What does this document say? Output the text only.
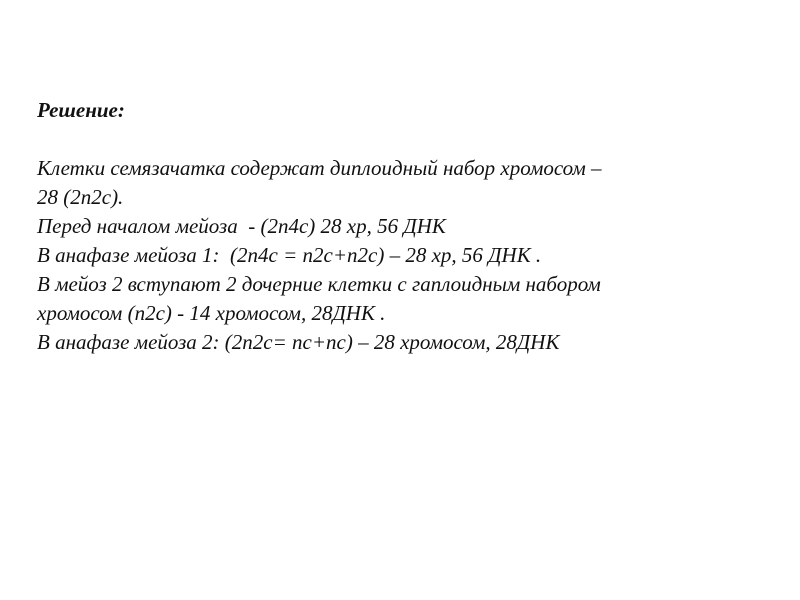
Решение:

Клетки семязачатка содержат диплоидный набор хромосом –

28 (2n2c).

Перед началом мейоза  - (2n4c) 28 хр, 56 ДНК

В анафазе мейоза 1:  (2n4c = n2c+n2c) – 28 хр, 56 ДНК .

В мейоз 2 вступают 2 дочерние клетки с гаплоидным набором

хромосом (n2c) - 14 хромосом, 28ДНК .

В анафазе мейоза 2: (2n2c= nc+nc) – 28 хромосом, 28ДНК
